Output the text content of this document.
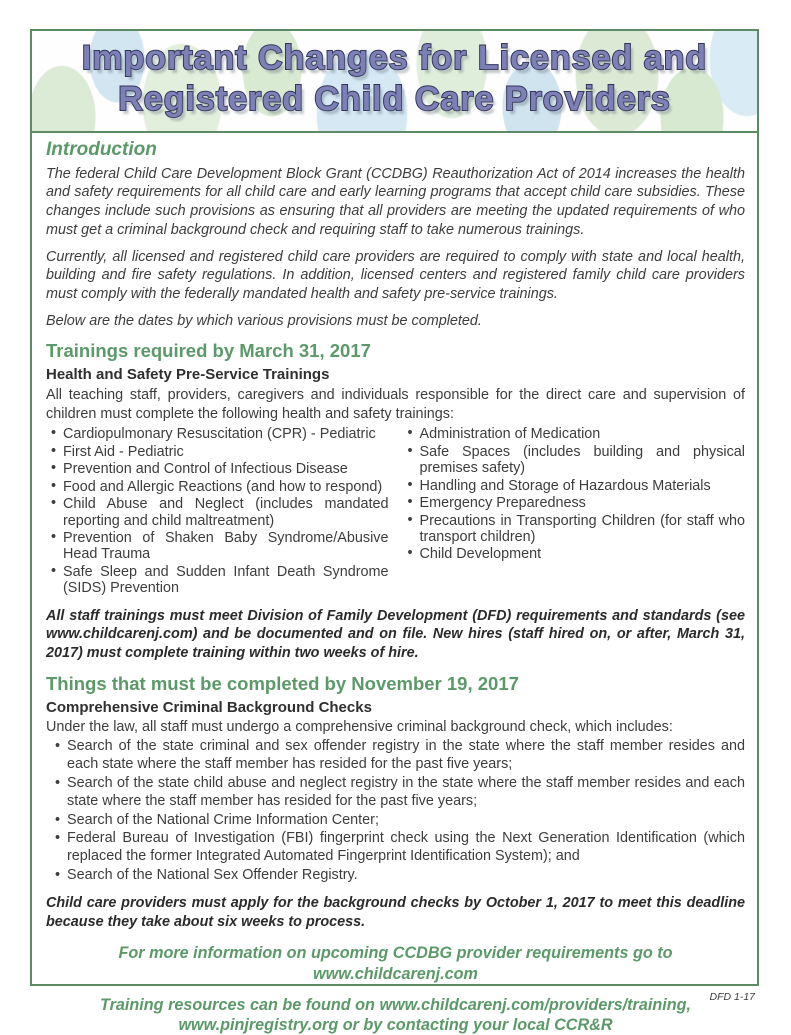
Important Changes for Licensed and
Registered Child Care Providers
Introduction

The federal Child Care Development Block Grant (CCDBG) Reauthorization Act of 2014 increases the health and safety requirements for all child care and early learning programs that accept child care subsidies. These changes include such provisions as ensuring that all providers are meeting the updated requirements of who must get a criminal background check and requiring staff to take numerous trainings.

Currently, all licensed and registered child care providers are required to comply with state and local health, building and fire safety regulations. In addition, licensed centers and registered family child care providers must comply with the federally mandated health and safety pre-service trainings.

Below are the dates by which various provisions must be completed.

Trainings required by March 31, 2017
Health and Safety Pre-Service Trainings

All teaching staff, providers, caregivers and individuals responsible for the direct care and supervision of children must complete the following health and safety trainings:

• Cardiopulmonary Resuscitation (CPR) - Pediatric
• First Aid - Pediatric
• Prevention and Control of Infectious Disease
• Food and Allergic Reactions (and how to respond)
• Child Abuse and Neglect (includes mandated reporting and child maltreatment)
• Prevention of Shaken Baby Syndrome/Abusive Head Trauma
• Safe Sleep and Sudden Infant Death Syndrome (SIDS) Prevention
• Administration of Medication
• Safe Spaces (includes building and physical premises safety)
• Handling and Storage of Hazardous Materials
• Emergency Preparedness
• Precautions in Transporting Children (for staff who transport children)
• Child Development

All staff trainings must meet Division of Family Development (DFD) requirements and standards (see www.childcarenj.com) and be documented and on file. New hires (staff hired on, or after, March 31, 2017) must complete training within two weeks of hire.

Things that must be completed by November 19, 2017
Comprehensive Criminal Background Checks

Under the law, all staff must undergo a comprehensive criminal background check, which includes:

• Search of the state criminal and sex offender registry in the state where the staff member resides and each state where the staff member has resided for the past five years;
• Search of the state child abuse and neglect registry in the state where the staff member resides and each state where the staff member has resided for the past five years;
• Search of the National Crime Information Center;
• Federal Bureau of Investigation (FBI) fingerprint check using the Next Generation Identification (which replaced the former Integrated Automated Fingerprint Identification System); and
• Search of the National Sex Offender Registry.

Child care providers must apply for the background checks by October 1, 2017 to meet this deadline because they take about six weeks to process.

For more information on upcoming CCDBG provider requirements go to www.childcarenj.com
Training resources can be found on www.childcarenj.com/providers/training, www.pinjregistry.org or by contacting your local CCR&R
DFD 1-17
